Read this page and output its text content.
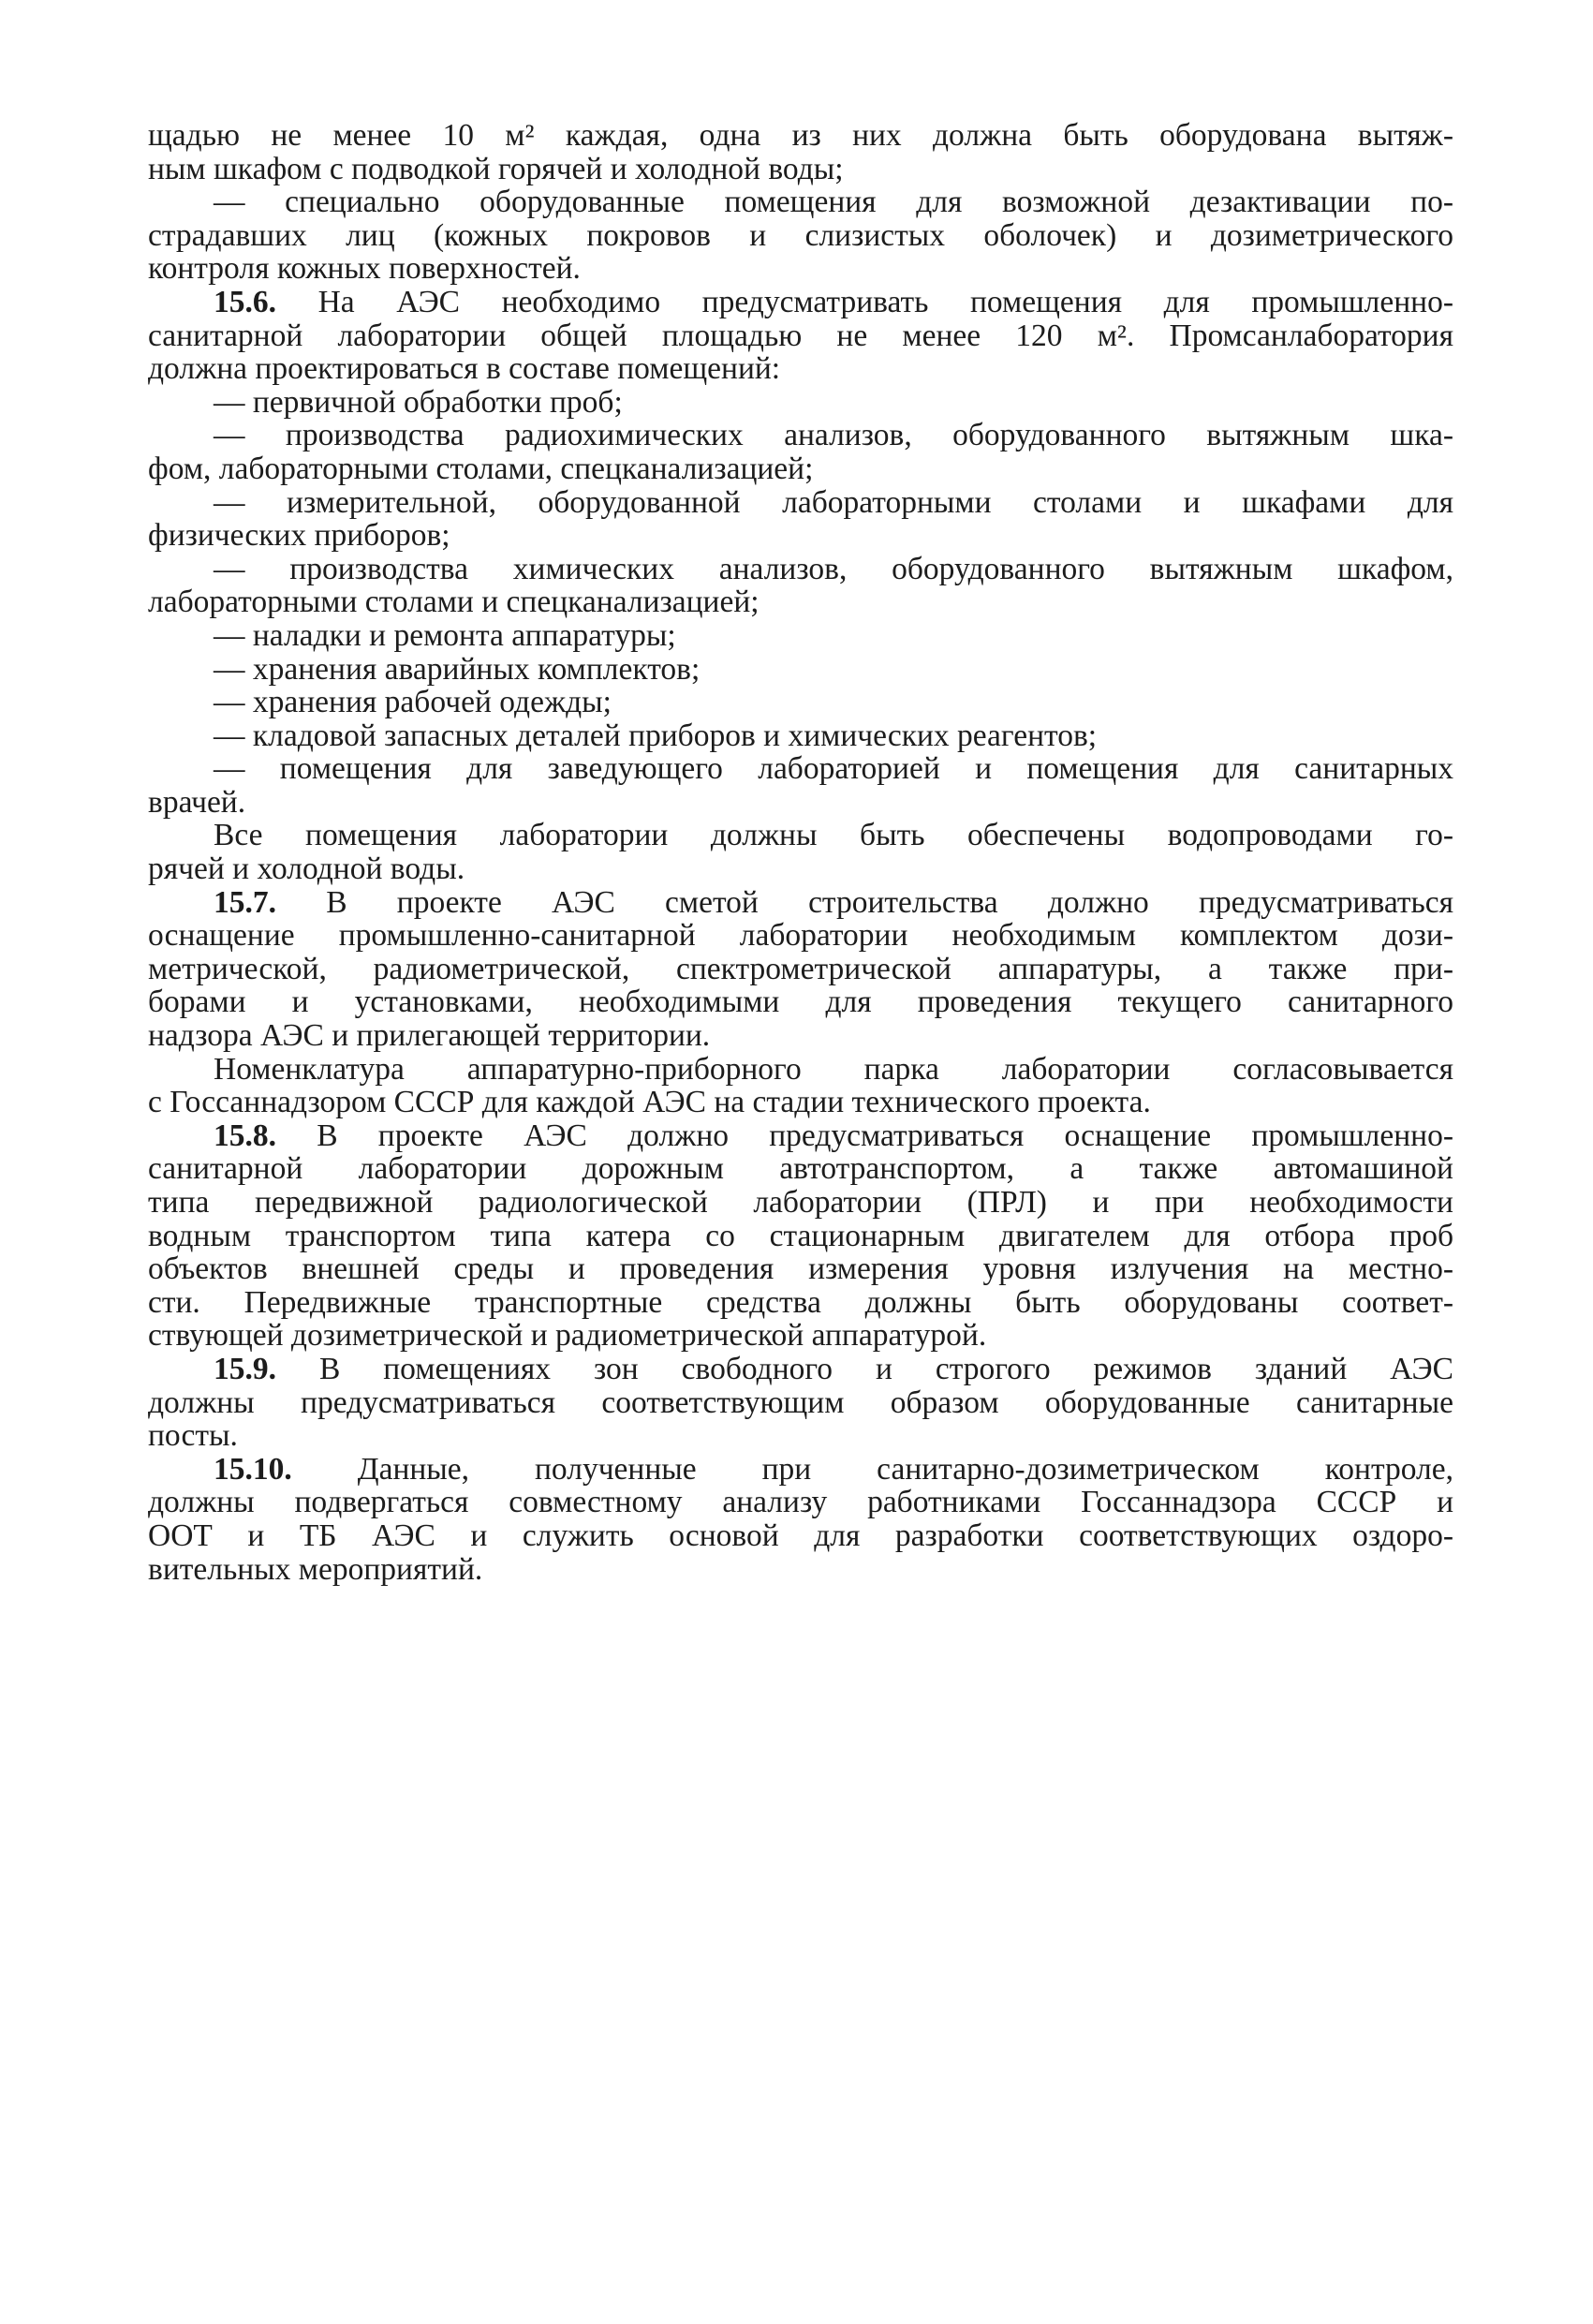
щадью не менее 10 м² каждая, одна из них должна быть оборудована вытяж-
ным шкафом с подводкой горячей и холодной воды;
— специально оборудованные помещения для возможной дезактивации по-
страдавших лиц (кожных покровов и слизистых оболочек) и дозиметрического
контроля кожных поверхностей.
15.6. На АЭС необходимо предусматривать помещения для промышленно-
санитарной лаборатории общей площадью не менее 120 м². Промсанлаборатория
должна проектироваться в составе помещений:
— первичной обработки проб;
— производства радиохимических анализов, оборудованного вытяжным шка-
фом, лабораторными столами, спецканализацией;
— измерительной, оборудованной лабораторными столами и шкафами для
физических приборов;
— производства химических анализов, оборудованного вытяжным шкафом,
лабораторными столами и спецканализацией;
— наладки и ремонта аппаратуры;
— хранения аварийных комплектов;
— хранения рабочей одежды;
— кладовой запасных деталей приборов и химических реагентов;
— помещения для заведующего лабораторией и помещения для санитарных
врачей.
Все помещения лаборатории должны быть обеспечены водопроводами го-
рячей и холодной воды.
15.7. В проекте АЭС сметой строительства должно предусматриваться
оснащение промышленно-санитарной лаборатории необходимым комплектом дози-
метрической, радиометрической, спектрометрической аппаратуры, а также при-
борами и установками, необходимыми для проведения текущего санитарного
надзора АЭС и прилегающей территории.
Номенклатура аппаратурно-приборного парка лаборатории согласовывается
с Госсаннадзором СССР для каждой АЭС на стадии технического проекта.
15.8. В проекте АЭС должно предусматриваться оснащение промышленно-
санитарной лаборатории дорожным автотранспортом, а также автомашиной
типа передвижной радиологической лаборатории (ПРЛ) и при необходимости
водным транспортом типа катера со стационарным двигателем для отбора проб
объектов внешней среды и проведения измерения уровня излучения на местно-
сти. Передвижные транспортные средства должны быть оборудованы соответ-
ствующей дозиметрической и радиометрической аппаратурой.
15.9. В помещениях зон свободного и строгого режимов зданий АЭС
должны предусматриваться соответствующим образом оборудованные санитарные
посты.
15.10. Данные, полученные при санитарно-дозиметрическом контроле,
должны подвергаться совместному анализу работниками Госсаннадзора СССР и
ООТ и ТБ АЭС и служить основой для разработки соответствующих оздоро-
вительных мероприятий.
